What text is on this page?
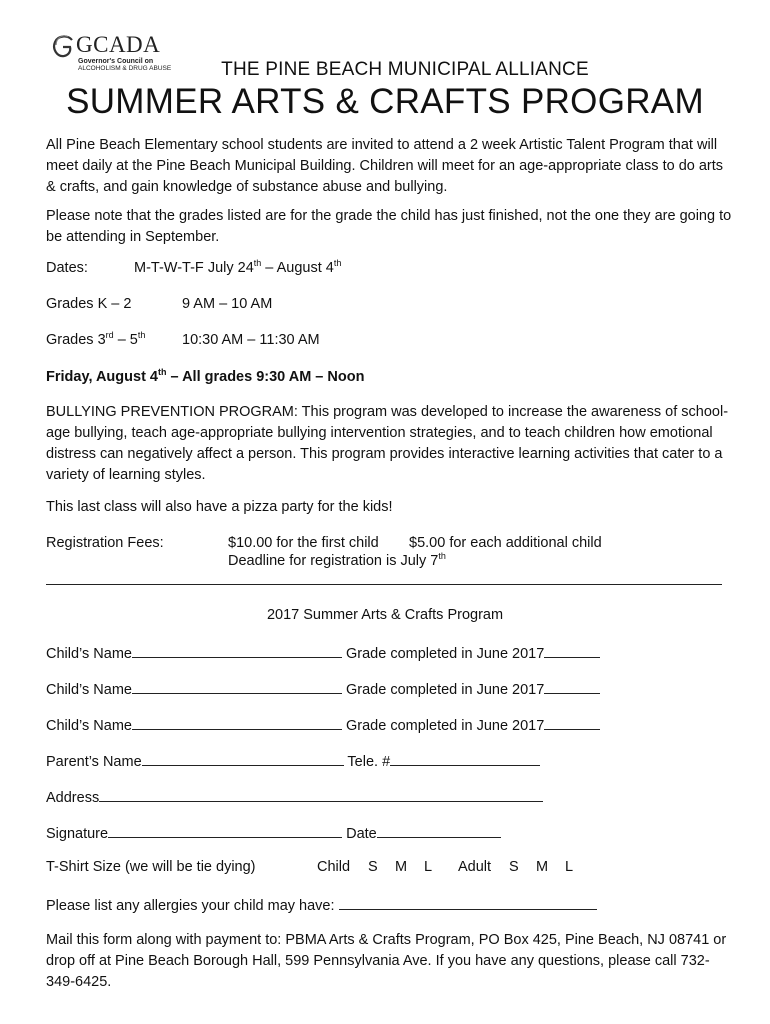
GCADA
Governor's Council on
ALCOHOLISM & DRUG ABUSE	THE PINE BEACH MUNICIPAL ALLIANCE
SUMMER ARTS & CRAFTS PROGRAM
All Pine Beach Elementary school students are invited to attend a 2 week Artistic Talent Program that will meet daily at the Pine Beach Municipal Building. Children will meet for an age-appropriate class to do arts & crafts, and gain knowledge of substance abuse and bullying.
Please note that the grades listed are for the grade the child has just finished, not the one they are going to be attending in September.
Dates:	M-T-W-T-F July 24th – August 4th
Grades K – 2	9 AM – 10 AM
Grades 3rd – 5th	10:30 AM – 11:30 AM
Friday, August 4th – All grades 9:30 AM – Noon
BULLYING PREVENTION PROGRAM: This program was developed to increase the awareness of school-age bullying, teach age-appropriate bullying intervention strategies, and to teach children how emotional distress can negatively affect a person. This program provides interactive learning activities that cater to a variety of learning styles.
This last class will also have a pizza party for the kids!
Registration Fees:	$10.00 for the first child $5.00 for each additional child
Deadline for registration is July 7th
2017 Summer Arts & Crafts Program
Child’s Name	Grade completed in June 2017
Child’s Name	Grade completed in June 2017
Child’s Name	Grade completed in June 2017
Parent’s Name	Tele. #
Address
Signature	Date
T-Shirt Size (we will be tie dying)	Child S M L Adult S M L
Please list any allergies your child may have:
Mail this form along with payment to: PBMA Arts & Crafts Program, PO Box 425, Pine Beach, NJ 08741 or drop off at Pine Beach Borough Hall, 599 Pennsylvania Ave. If you have any questions, please call 732-349-6425.
